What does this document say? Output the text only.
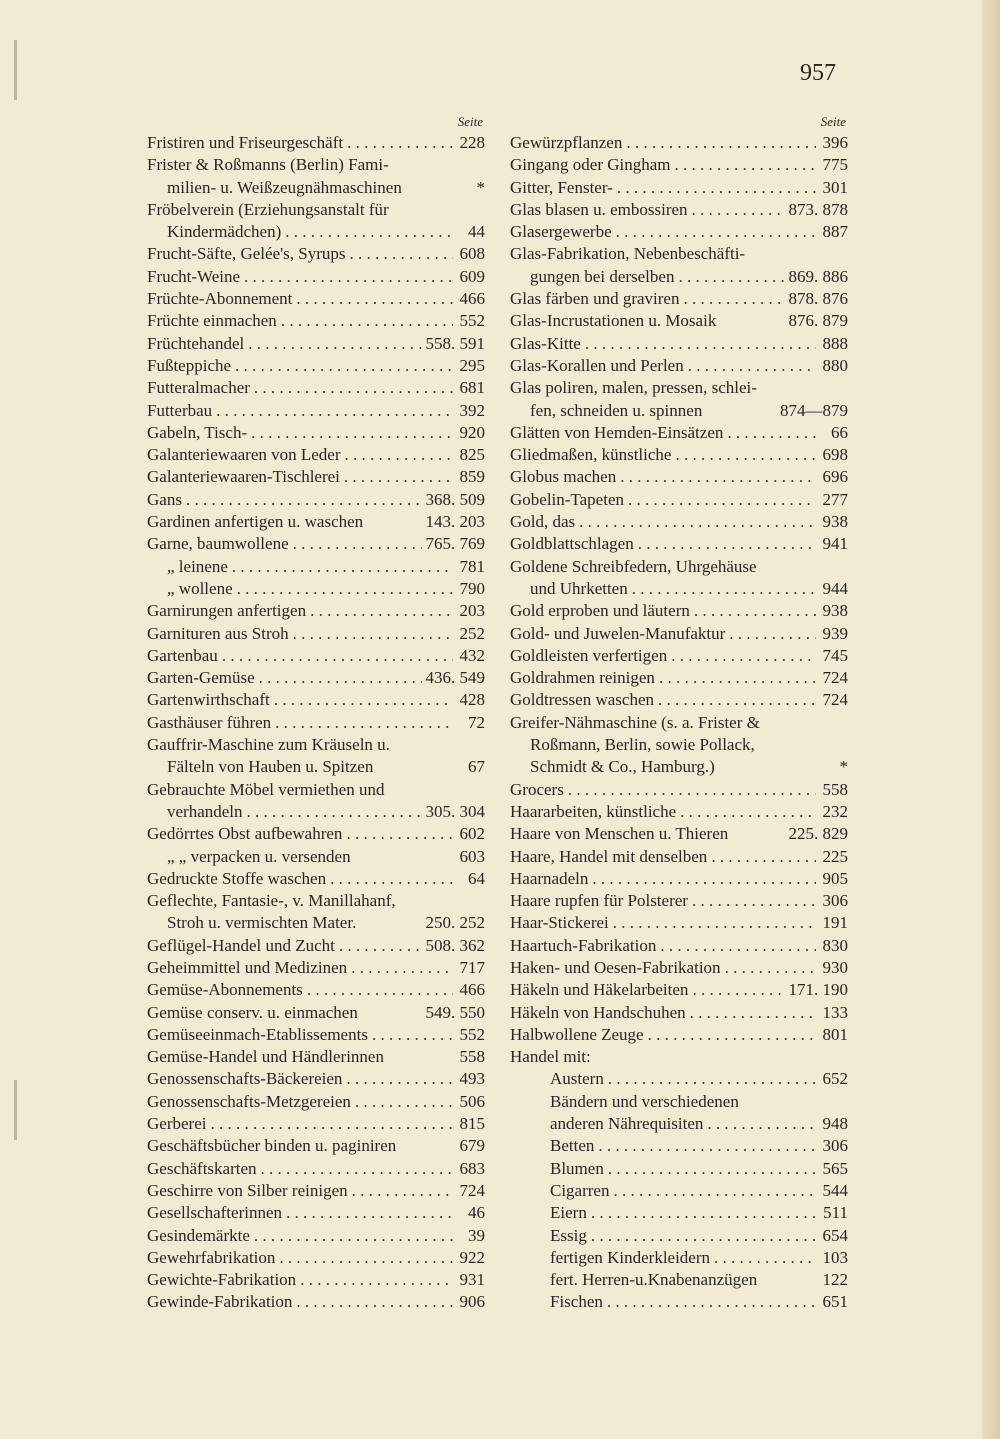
957
Seite
Fristiren und Friseurgeschäft . . .	228
Frister & Roßmanns (Berlin) Fami-
milien- u. Weißzeugnähmaschinen	*
Fröbelverein (Erziehungsanstalt für
Kindermädchen) . . .	44
Frucht-Säfte, Gelée's, Syrups . . .	608
Frucht-Weine . . .	609
Früchte-Abonnement . . .	466
Früchte einmachen . . .	552
Früchtehandel . . .	558. 591
Fußteppiche . . .	295
Futteralmacher . . .	681
Futterbau . . .	392
Gabeln, Tisch- . . .	920
Galanteriewaaren von Leder . . .	825
Galanteriewaaren-Tischlerei . . .	859
Gans . . .	368. 509
Gardinen anfertigen u. waschen	143. 203
Garne, baumwollene . . .	765. 769
„ leinene . . .	781
„ wollene . . .	790
Garnirungen anfertigen . . .	203
Garnituren aus Stroh . . .	252
Gartenbau . . .	432
Garten-Gemüse . . .	436. 549
Gartenwirthschaft . . .	428
Gasthäuser führen . . .	72
Gauffrir-Maschine zum Kräuseln u.
Fälteln von Hauben u. Spitzen	67
Gebrauchte Möbel vermiethen und
verhandeln . . .	305. 304
Gedörrtes Obst aufbewahren . . .	602
„ „ verpacken u. versenden	603
Gedruckte Stoffe waschen . . .	64
Geflechte, Fantasie-, v. Manillahanf,
Stroh u. vermischten Mater.	250. 252
Geflügel-Handel und Zucht . . .	508. 362
Geheimmittel und Medizinen . . .	717
Gemüse-Abonnements . . .	466
Gemüse conserv. u. einmachen	549. 550
Gemüseeinmach-Etablissements . . .	552
Gemüse-Handel und Händlerinnen	558
Genossenschafts-Bäckereien . . .	493
Genossenschafts-Metzgereien . . .	506
Gerberei . . .	815
Geschäftsbücher binden u. paginiren	679
Geschäftskarten . . .	683
Geschirre von Silber reinigen . . .	724
Gesellschafterinnen . . .	46
Gesindemärkte . . .	39
Gewehrfabrikation . . .	922
Gewichte-Fabrikation . . .	931
Gewinde-Fabrikation . . .	906
Seite
Gewürzpflanzen . . .	396
Gingang oder Gingham . . .	775
Gitter, Fenster- . . .	301
Glas blasen u. embossiren . . .	873. 878
Glasergewerbe . . .	887
Glas-Fabrikation, Nebenbeschäfti-
gungen bei derselben . . .	869. 886
Glas färben und graviren . . .	878. 876
Glas-Incrustationen u. Mosaik	876. 879
Glas-Kitte . . .	888
Glas-Korallen und Perlen . . .	880
Glas poliren, malen, pressen, schlei-
fen, schneiden u. spinnen	874—879
Glätten von Hemden-Einsätzen . . .	66
Gliedmaßen, künstliche . . .	698
Globus machen . . .	696
Gobelin-Tapeten . . .	277
Gold, das . . .	938
Goldblattschlagen . . .	941
Goldene Schreibfedern, Uhrgehäuse
und Uhrketten . . .	944
Gold erproben und läutern . . .	938
Gold- und Juwelen-Manufaktur . . .	939
Goldleisten verfertigen . . .	745
Goldrahmen reinigen . . .	724
Goldtressen waschen . . .	724
Greifer-Nähmaschine (s. a. Frister &
Roßmann, Berlin, sowie Pollack,
Schmidt & Co., Hamburg.)	*
Grocers . . .	558
Haararbeiten, künstliche . . .	232
Haare von Menschen u. Thieren	225. 829
Haare, Handel mit denselben . . .	225
Haarnadeln . . .	905
Haare rupfen für Polsterer . . .	306
Haar-Stickerei . . .	191
Haartuch-Fabrikation . . .	830
Haken- und Oesen-Fabrikation . . .	930
Häkeln und Häkelarbeiten . . .	171. 190
Häkeln von Handschuhen . . .	133
Halbwollene Zeuge . . .	801
Handel mit:
Austern . . .	652
Bändern und verschiedenen
anderen Nährequisiten . . .	948
Betten . . .	306
Blumen . . .	565
Cigarren . . .	544
Eiern . . .	511
Essig . . .	654
fertigen Kinderkleidern . . .	103
fert. Herren-u.Knabenanzügen	122
Fischen . . .	651
